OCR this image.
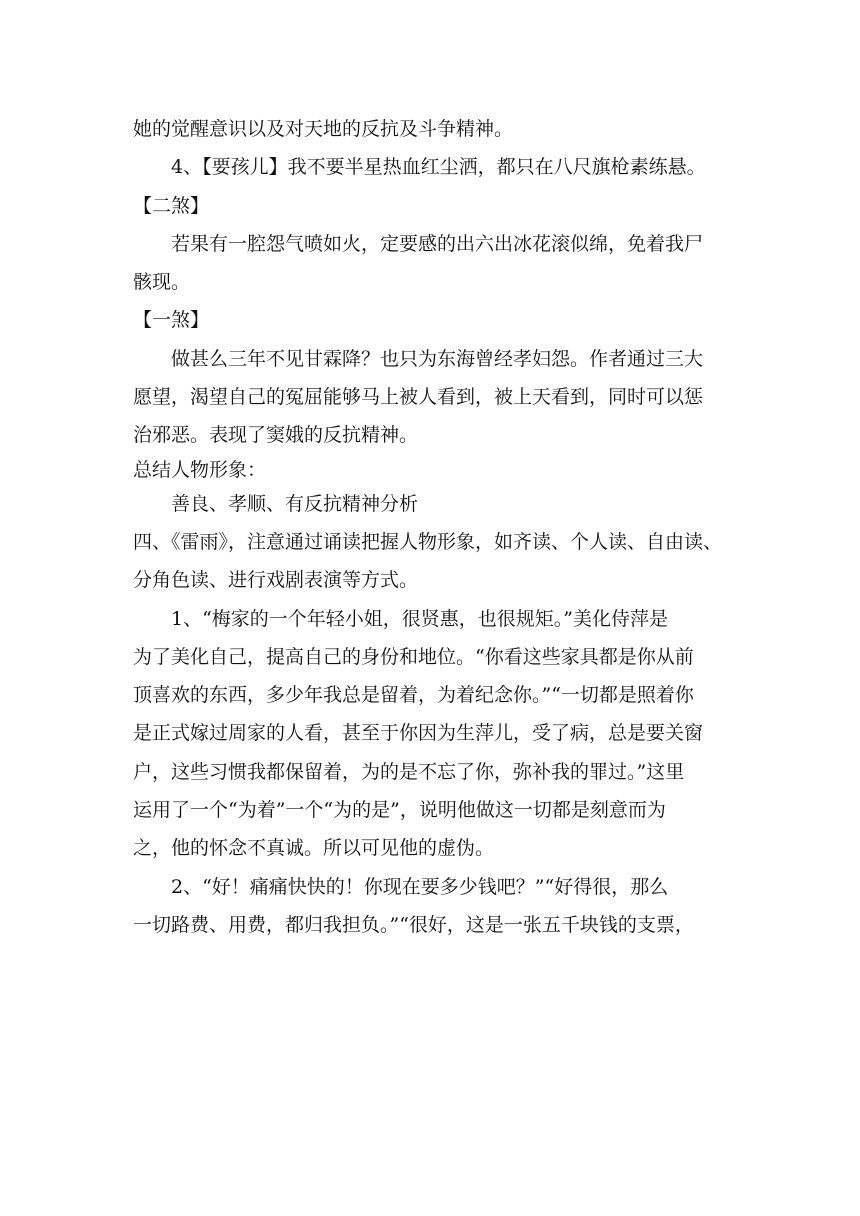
她的觉醒意识以及对天地的反抗及斗争精神。
4、【要孩儿】我不要半星热血红尘洒，都只在八尺旗枪素练悬。
【二煞】
若果有一腔怨气喷如火，定要感的出六出冰花滚似绵，免着我尸
骸现。
【一煞】
做甚么三年不见甘霖降？也只为东海曾经孝妇怨。作者通过三大
愿望，渴望自己的冤屈能够马上被人看到，被上天看到，同时可以惩
治邪恶。表现了窦娥的反抗精神。
总结人物形象：
善良、孝顺、有反抗精神分析
四、《雷雨》，注意通过诵读把握人物形象，如齐读、个人读、自由读、
分角色读、进行戏剧表演等方式。
1、“梅家的一个年轻小姐，很贤惠，也很规矩。”美化侍萍是
为了美化自己，提高自己的身份和地位。“你看这些家具都是你从前
顶喜欢的东西，多少年我总是留着，为着纪念你。”“一切都是照着你
是正式嫁过周家的人看，甚至于你因为生萍儿，受了病，总是要关窗
户，这些习惯我都保留着，为的是不忘了你，弥补我的罪过。”这里
运用了一个“为着”一个“为的是”，说明他做这一切都是刻意而为
之，他的怀念不真诚。所以可见他的虚伪。
2、“好！痛痛快快的！你现在要多少钱吧？”“好得很，那么
一切路费、用费，都归我担负。”“很好，这是一张五千块钱的支票，
